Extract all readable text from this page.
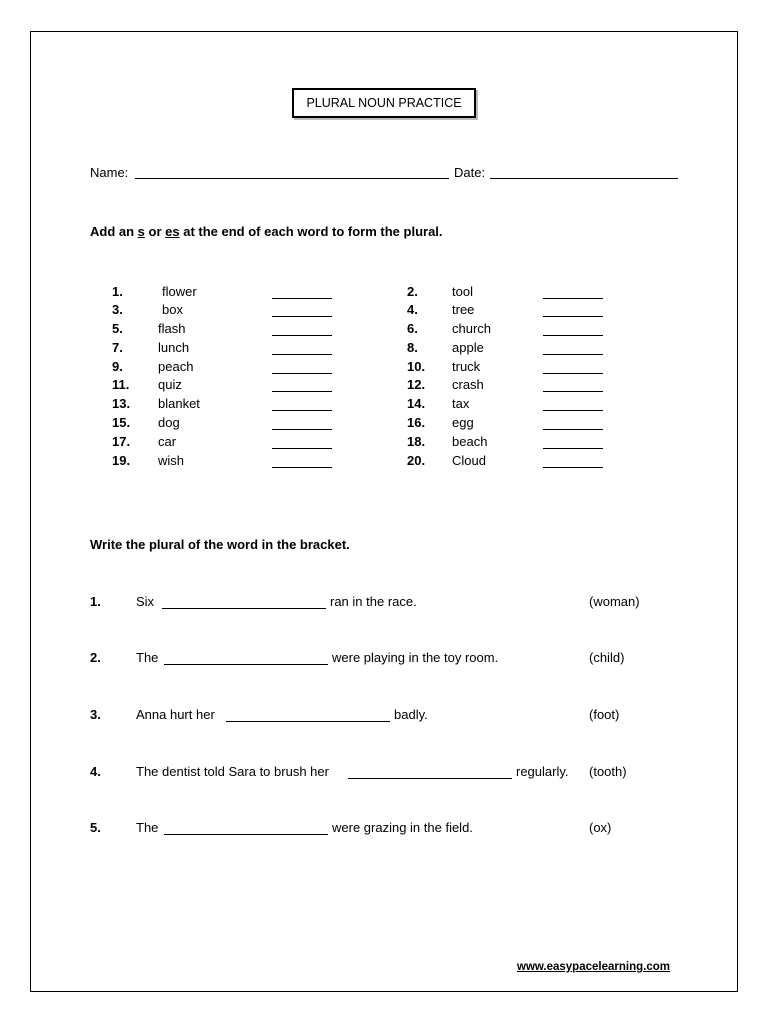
PLURAL NOUN PRACTICE
Name:	Date:
Add an s or es at the end of each word to form the plural.
1.	flower
3.	box
5.	flash
7.	lunch
9.	peach
11. quiz
13. blanket
15. dog
17. car
19. wish
2.	tool
4.	tree
6.	church
8.	apple
10. truck
12. crash
14. tax
16. egg
18. beach
20. Cloud
Write the plural of the word in the bracket.
1.	Six	ran in the race.	(woman)
2.	The	were playing in the toy room.	(child)
3.	Anna hurt her	badly.	(foot)
4.	The dentist told Sara to brush her	regularly. (tooth)
5.	The	were grazing in the field.	(ox)
www.easypacelearning.com
